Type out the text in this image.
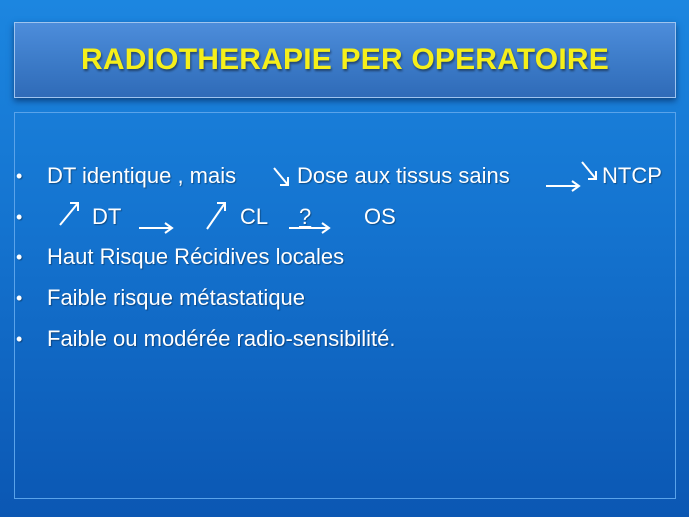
RADIOTHERAPIE PER OPERATOIRE
• DT identique , mais	Dose aux tissus sains	NTCP
•	DT	CL ? OS
• Haut Risque Récidives locales
• Faible risque métastatique
• Faible ou modérée radio-sensibilité.
